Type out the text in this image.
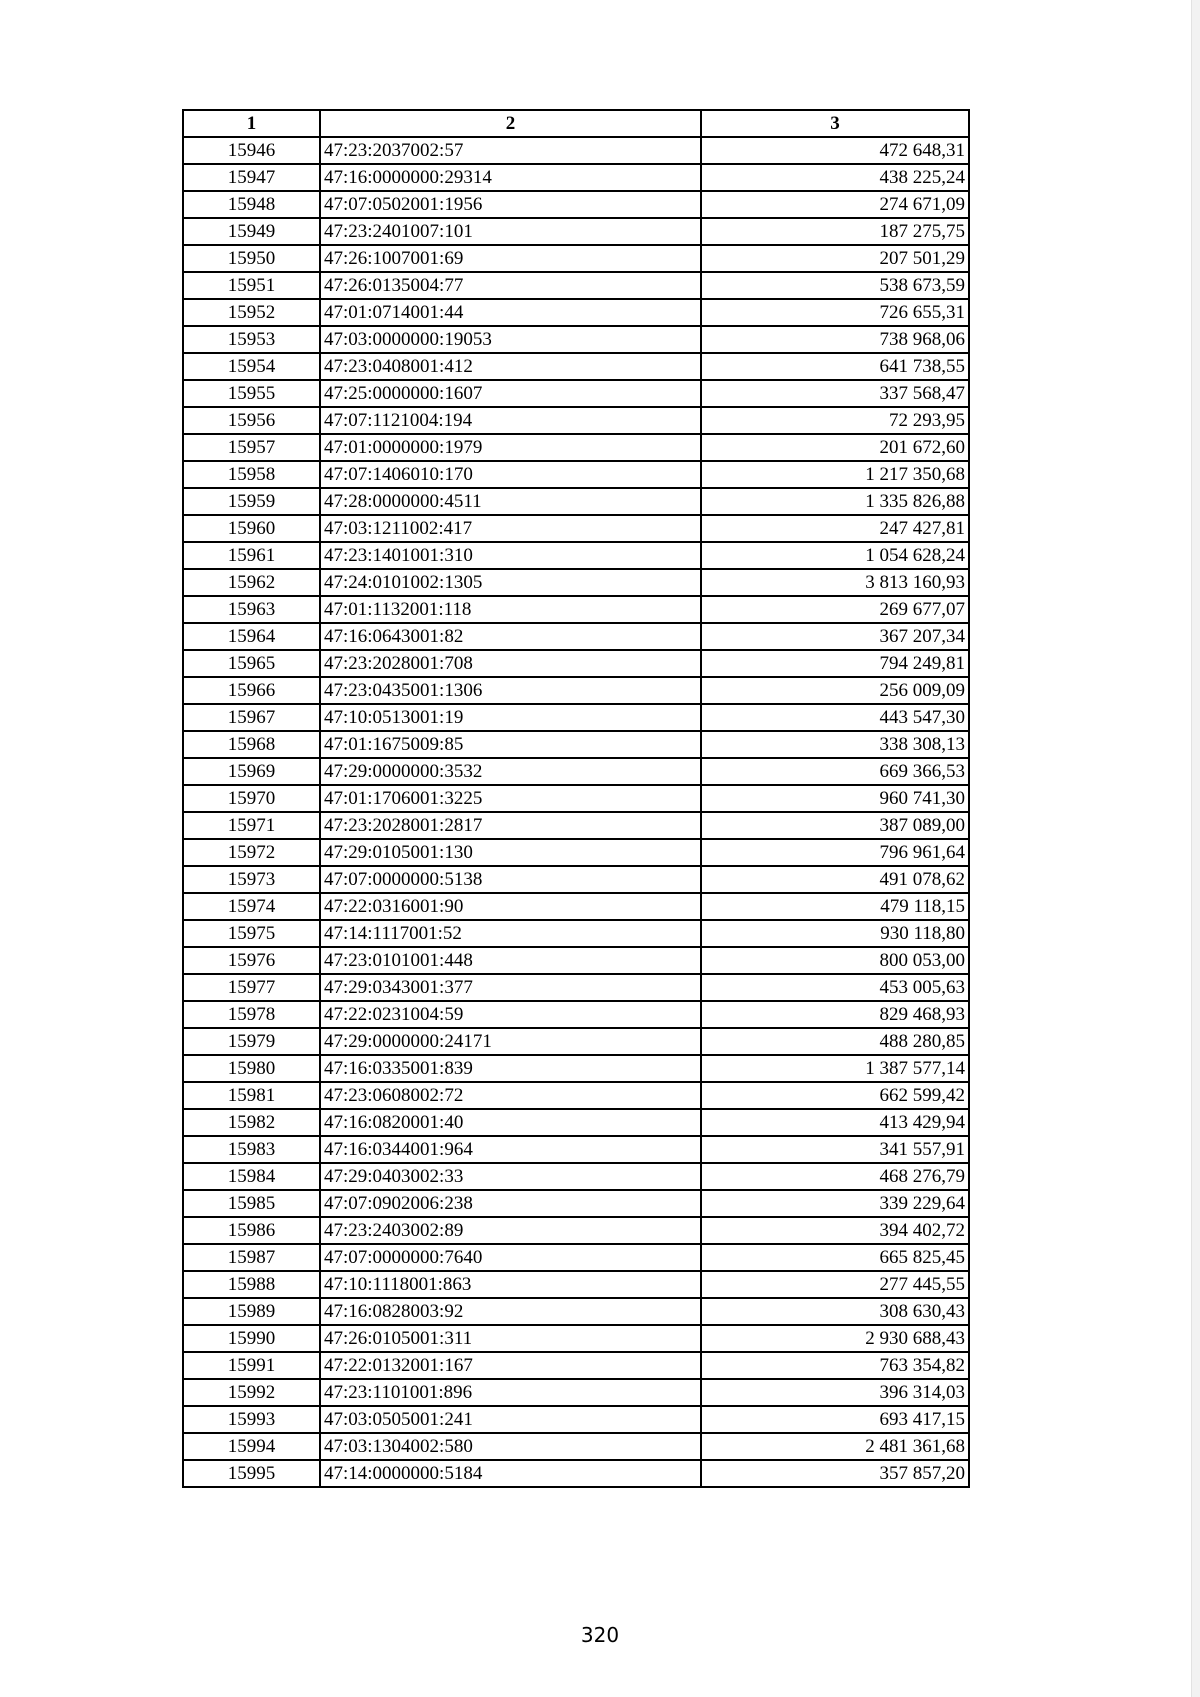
1	2	3
15946	47:23:2037002:57	472 648,31
15947	47:16:0000000:29314	438 225,24
15948	47:07:0502001:1956	274 671,09
15949	47:23:2401007:101	187 275,75
15950	47:26:1007001:69	207 501,29
15951	47:26:0135004:77	538 673,59
15952	47:01:0714001:44	726 655,31
15953	47:03:0000000:19053	738 968,06
15954	47:23:0408001:412	641 738,55
15955	47:25:0000000:1607	337 568,47
15956	47:07:1121004:194	72 293,95
15957	47:01:0000000:1979	201 672,60
15958	47:07:1406010:170	1 217 350,68
15959	47:28:0000000:4511	1 335 826,88
15960	47:03:1211002:417	247 427,81
15961	47:23:1401001:310	1 054 628,24
15962	47:24:0101002:1305	3 813 160,93
15963	47:01:1132001:118	269 677,07
15964	47:16:0643001:82	367 207,34
15965	47:23:2028001:708	794 249,81
15966	47:23:0435001:1306	256 009,09
15967	47:10:0513001:19	443 547,30
15968	47:01:1675009:85	338 308,13
15969	47:29:0000000:3532	669 366,53
15970	47:01:1706001:3225	960 741,30
15971	47:23:2028001:2817	387 089,00
15972	47:29:0105001:130	796 961,64
15973	47:07:0000000:5138	491 078,62
15974	47:22:0316001:90	479 118,15
15975	47:14:1117001:52	930 118,80
15976	47:23:0101001:448	800 053,00
15977	47:29:0343001:377	453 005,63
15978	47:22:0231004:59	829 468,93
15979	47:29:0000000:24171	488 280,85
15980	47:16:0335001:839	1 387 577,14
15981	47:23:0608002:72	662 599,42
15982	47:16:0820001:40	413 429,94
15983	47:16:0344001:964	341 557,91
15984	47:29:0403002:33	468 276,79
15985	47:07:0902006:238	339 229,64
15986	47:23:2403002:89	394 402,72
15987	47:07:0000000:7640	665 825,45
15988	47:10:1118001:863	277 445,55
15989	47:16:0828003:92	308 630,43
15990	47:26:0105001:311	2 930 688,43
15991	47:22:0132001:167	763 354,82
15992	47:23:1101001:896	396 314,03
15993	47:03:0505001:241	693 417,15
15994	47:03:1304002:580	2 481 361,68
15995	47:14:0000000:5184	357 857,20
320
